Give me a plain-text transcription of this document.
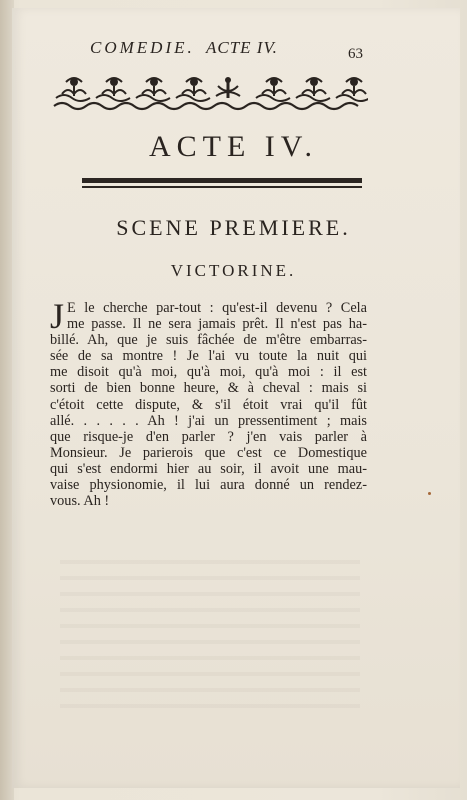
COMEDIE. ACTE IV.	63
ACTE IV.
SCENE PREMIERE.
VICTORINE.
J E le cherche par-tout : qu'est-il devenu ? Cela
me passe. Il ne sera jamais prêt. Il n'est pas ha-
billé. Ah, que je suis fâchée de m'être embarras-
sée de sa montre ! Je l'ai vu toute la nuit qui
me disoit qu'à moi, qu'à moi, qu'à moi : il est
sorti de bien bonne heure, & à cheval : mais si
c'étoit cette dispute, & s'il étoit vrai qu'il fût
allé. . . . . . Ah ! j'ai un pressentiment ; mais
que risque-je d'en parler ? j'en vais parler à
Monsieur. Je parierois que c'est ce Domestique
qui s'est endormi hier au soir, il avoit une mau-
vaise physionomie, il lui aura donné un rendez-
vous. Ah !
